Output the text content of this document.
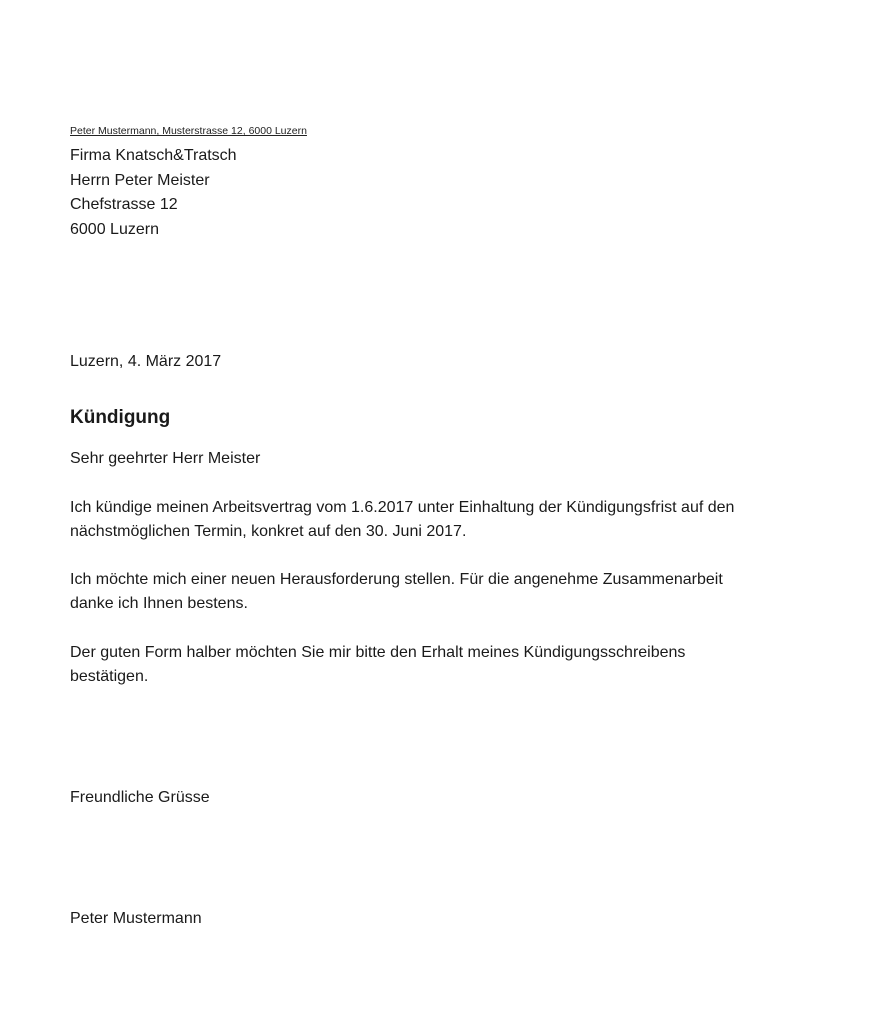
Peter Mustermann, Musterstrasse 12, 6000 Luzern
Firma Knatsch&Tratsch
Herrn Peter Meister
Chefstrasse 12
6000 Luzern
Luzern, 4. März 2017
Kündigung
Sehr geehrter Herr Meister
Ich kündige meinen Arbeitsvertrag vom 1.6.2017 unter Einhaltung der Kündigungsfrist auf den
nächstmöglichen Termin, konkret auf den 30. Juni 2017.
Ich möchte mich einer neuen Herausforderung stellen. Für die angenehme Zusammenarbeit
danke ich Ihnen bestens.
Der guten Form halber möchten Sie mir bitte den Erhalt meines Kündigungsschreibens
bestätigen.
Freundliche Grüsse
Peter Mustermann
